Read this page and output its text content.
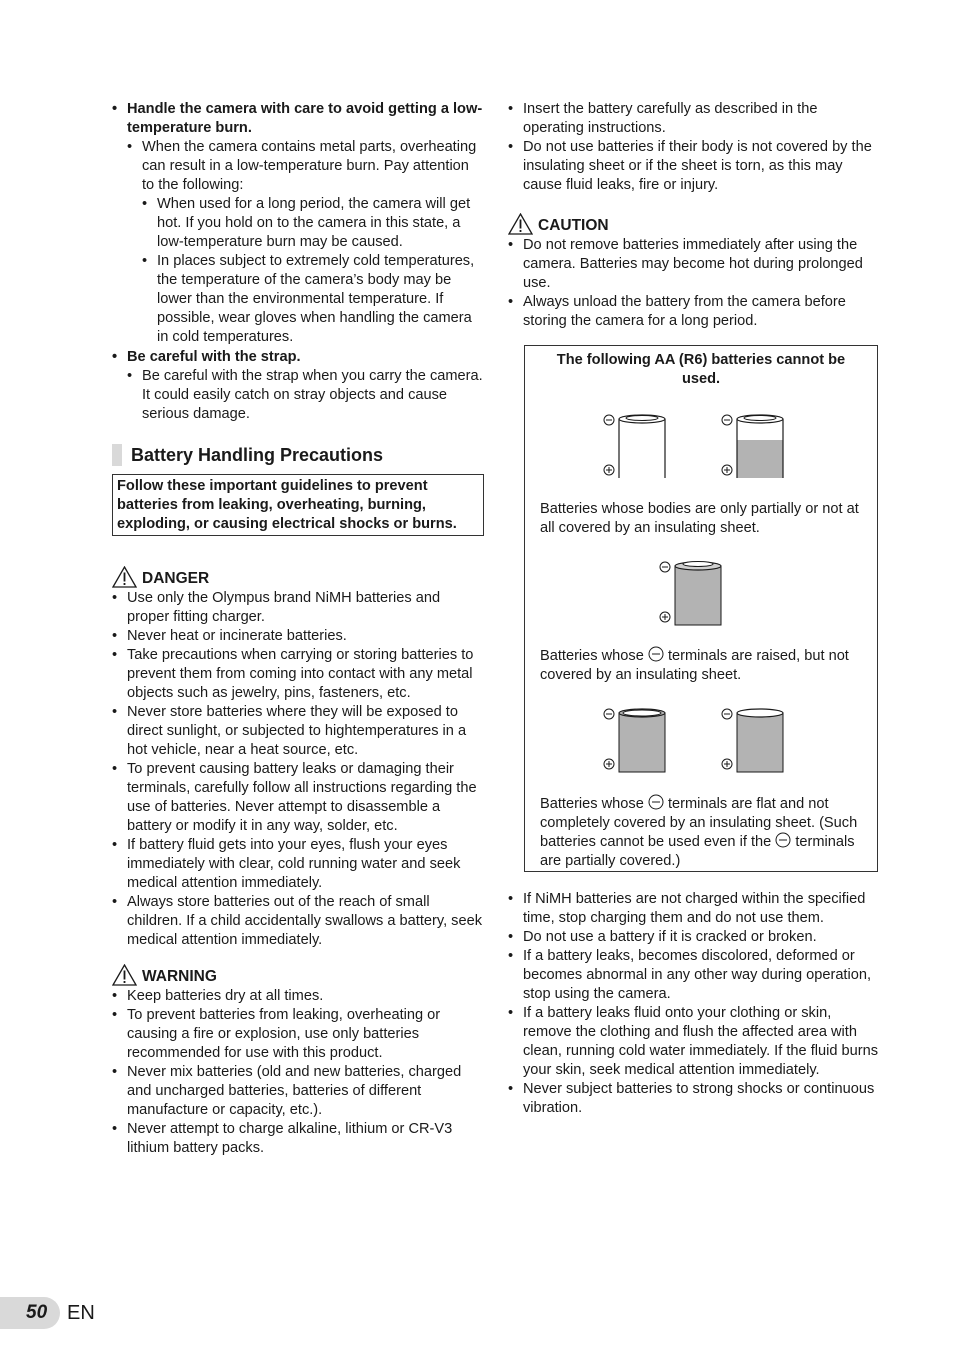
• Handle the camera with care to avoid getting a low-temperature burn.
• When the camera contains metal parts, overheating can result in a low-temperature burn. Pay attention to the following:
• When used for a long period, the camera will get hot. If you hold on to the camera in this state, a low-temperature burn may be caused.
• In places subject to extremely cold temperatures, the temperature of the camera’s body may be lower than the environmental temperature. If possible, wear gloves when handling the camera in cold temperatures.
• Be careful with the strap.
• Be careful with the strap when you carry the camera. It could easily catch on stray objects and cause serious damage.
Battery Handling Precautions
Follow these important guidelines to prevent batteries from leaking, overheating, burning, exploding, or causing electrical shocks or burns.
DANGER
• Use only the Olympus brand NiMH batteries and proper fitting charger.
• Never heat or incinerate batteries.
• Take precautions when carrying or storing batteries to prevent them from coming into contact with any metal objects such as jewelry, pins, fasteners, etc.
• Never store batteries where they will be exposed to direct sunlight, or subjected to hightemperatures in a hot vehicle, near a heat source, etc.
• To prevent causing battery leaks or damaging their terminals, carefully follow all instructions regarding the use of batteries. Never attempt to disassemble a battery or modify it in any way, solder, etc.
• If battery fluid gets into your eyes, flush your eyes immediately with clear, cold running water and seek medical attention immediately.
• Always store batteries out of the reach of small children. If a child accidentally swallows a battery, seek medical attention immediately.
WARNING
• Keep batteries dry at all times.
• To prevent batteries from leaking, overheating or causing a fire or explosion, use only batteries recommended for use with this product.
• Never mix batteries (old and new batteries, charged and uncharged batteries, batteries of different manufacture or capacity, etc.).
• Never attempt to charge alkaline, lithium or CR-V3 lithium battery packs.
• Insert the battery carefully as described in the operating instructions.
• Do not use batteries if their body is not covered by the insulating sheet or if the sheet is torn, as this may cause fluid leaks, fire or injury.
CAUTION
• Do not remove batteries immediately after using the camera. Batteries may become hot during prolonged use.
• Always unload the battery from the camera before storing the camera for a long period.
The following AA (R6) batteries cannot be used.
Batteries whose bodies are only partially or not at all covered by an insulating sheet.
Batteries whose terminals are raised, but not covered by an insulating sheet.
Batteries whose terminals are flat and not completely covered by an insulating sheet. (Such batteries cannot be used even if the terminals are partially covered.)
• If NiMH batteries are not charged within the specified time, stop charging them and do not use them.
• Do not use a battery if it is cracked or broken.
• If a battery leaks, becomes discolored, deformed or becomes abnormal in any other way during operation, stop using the camera.
• If a battery leaks fluid onto your clothing or skin, remove the clothing and flush the affected area with clean, running cold water immediately. If the fluid burns your skin, seek medical attention immediately.
• Never subject batteries to strong shocks or continuous vibration.
50 EN
